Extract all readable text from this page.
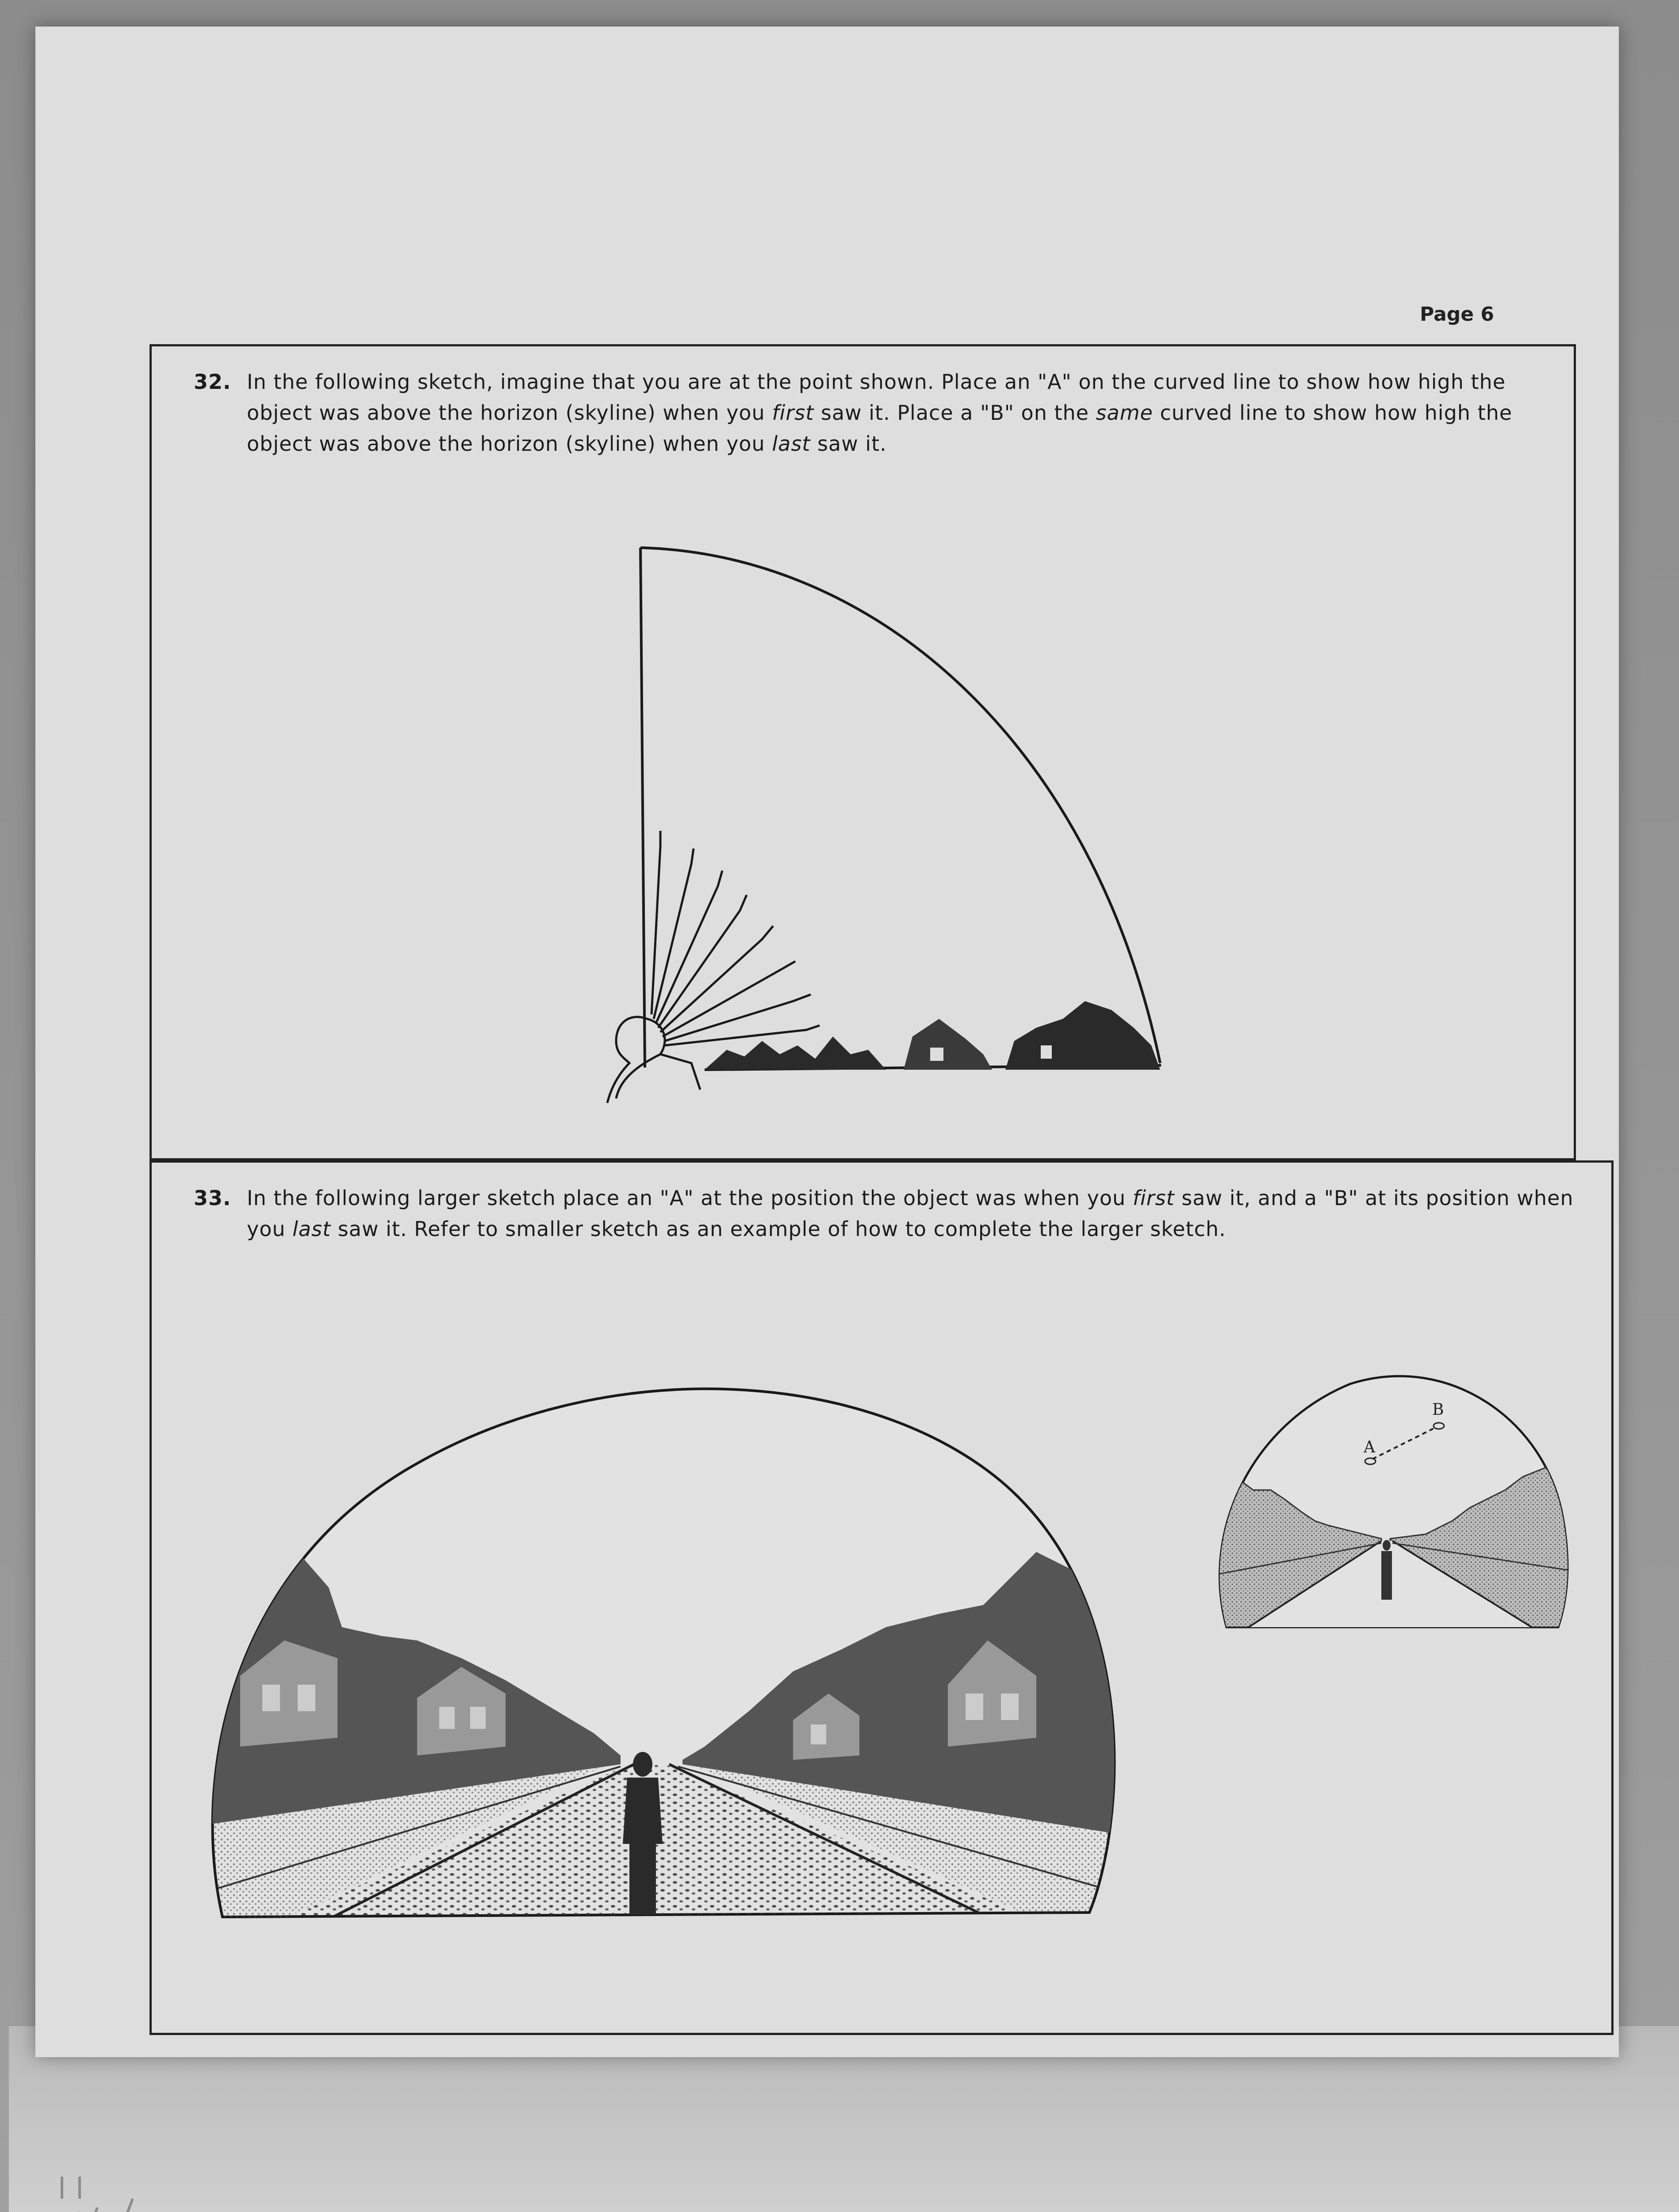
Page 6
32. In the following sketch, imagine that you are at the point shown. Place an "A" on the curved line to show how high the object was above the horizon (skyline) when you first saw it. Place a "B" on the same curved line to show how high the object was above the horizon (skyline) when you last saw it.
33. In the following larger sketch place an "A" at the position the object was when you first saw it, and a "B" at its position when you last saw it. Refer to smaller sketch as an example of how to complete the larger sketch.
A
B
